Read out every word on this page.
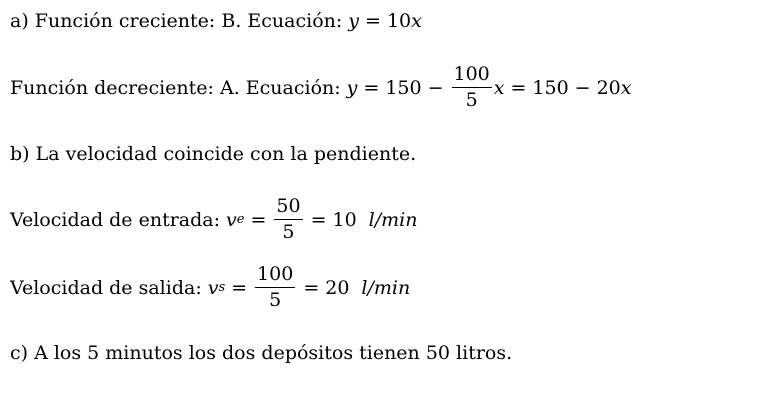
a) Función creciente: B. Ecuación: y = 10 x
Función decreciente: A. Ecuación: $y = 150 - \frac{100}{5}$ x = 150 − 20 x
b) La velocidad coincide con la pendiente.
Velocidad de entrada: v $e = \frac{50}{5} = 10$ l/min
Velocidad de salida: v $s = \frac{100}{5} = 20$ l/min
c) A los 5 minutos los dos depósitos tienen 50 litros.
